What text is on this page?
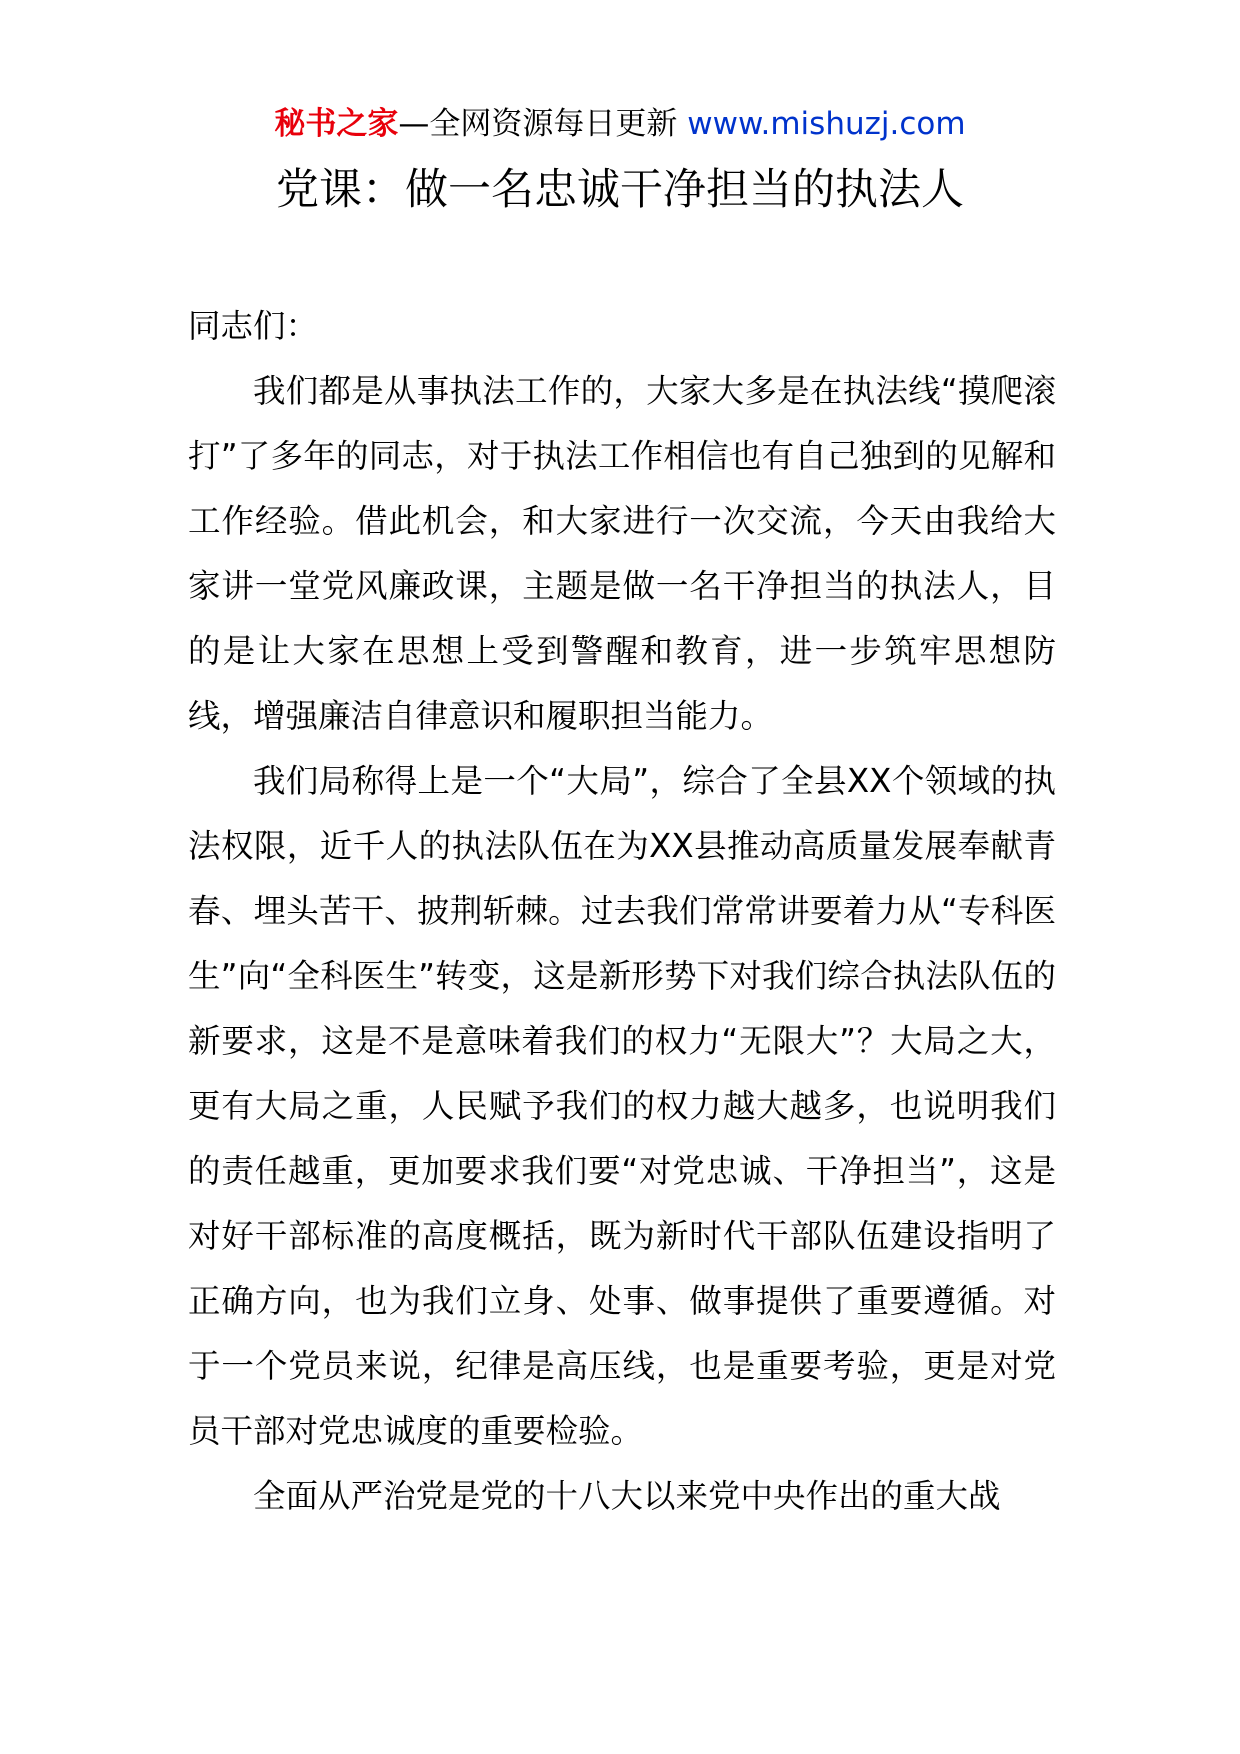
秘书之家—全网资源每日更新 www.mishuzj.com
党课：做一名忠诚干净担当的执法人

同志们：

我们都是从事执法工作的，大家大多是在执法线“摸爬滚打”了多年的同志，对于执法工作相信也有自己独到的见解和工作经验。借此机会，和大家进行一次交流，今天由我给大家讲一堂党风廉政课，主题是做一名干净担当的执法人，目的是让大家在思想上受到警醒和教育，进一步筑牢思想防线，增强廉洁自律意识和履职担当能力。

我们局称得上是一个“大局”，综合了全县XX个领域的执法权限，近千人的执法队伍在为XX县推动高质量发展奉献青春、埋头苦干、披荆斩棘。过去我们常常讲要着力从“专科医生”向“全科医生”转变，这是新形势下对我们综合执法队伍的新要求，这是不是意味着我们的权力“无限大”？大局之大，更有大局之重，人民赋予我们的权力越大越多，也说明我们的责任越重，更加要求我们要“对党忠诚、干净担当”，这是对好干部标准的高度概括，既为新时代干部队伍建设指明了正确方向，也为我们立身、处事、做事提供了重要遵循。对于一个党员来说，纪律是高压线，也是重要考验，更是对党员干部对党忠诚度的重要检验。

全面从严治党是党的十八大以来党中央作出的重大战
